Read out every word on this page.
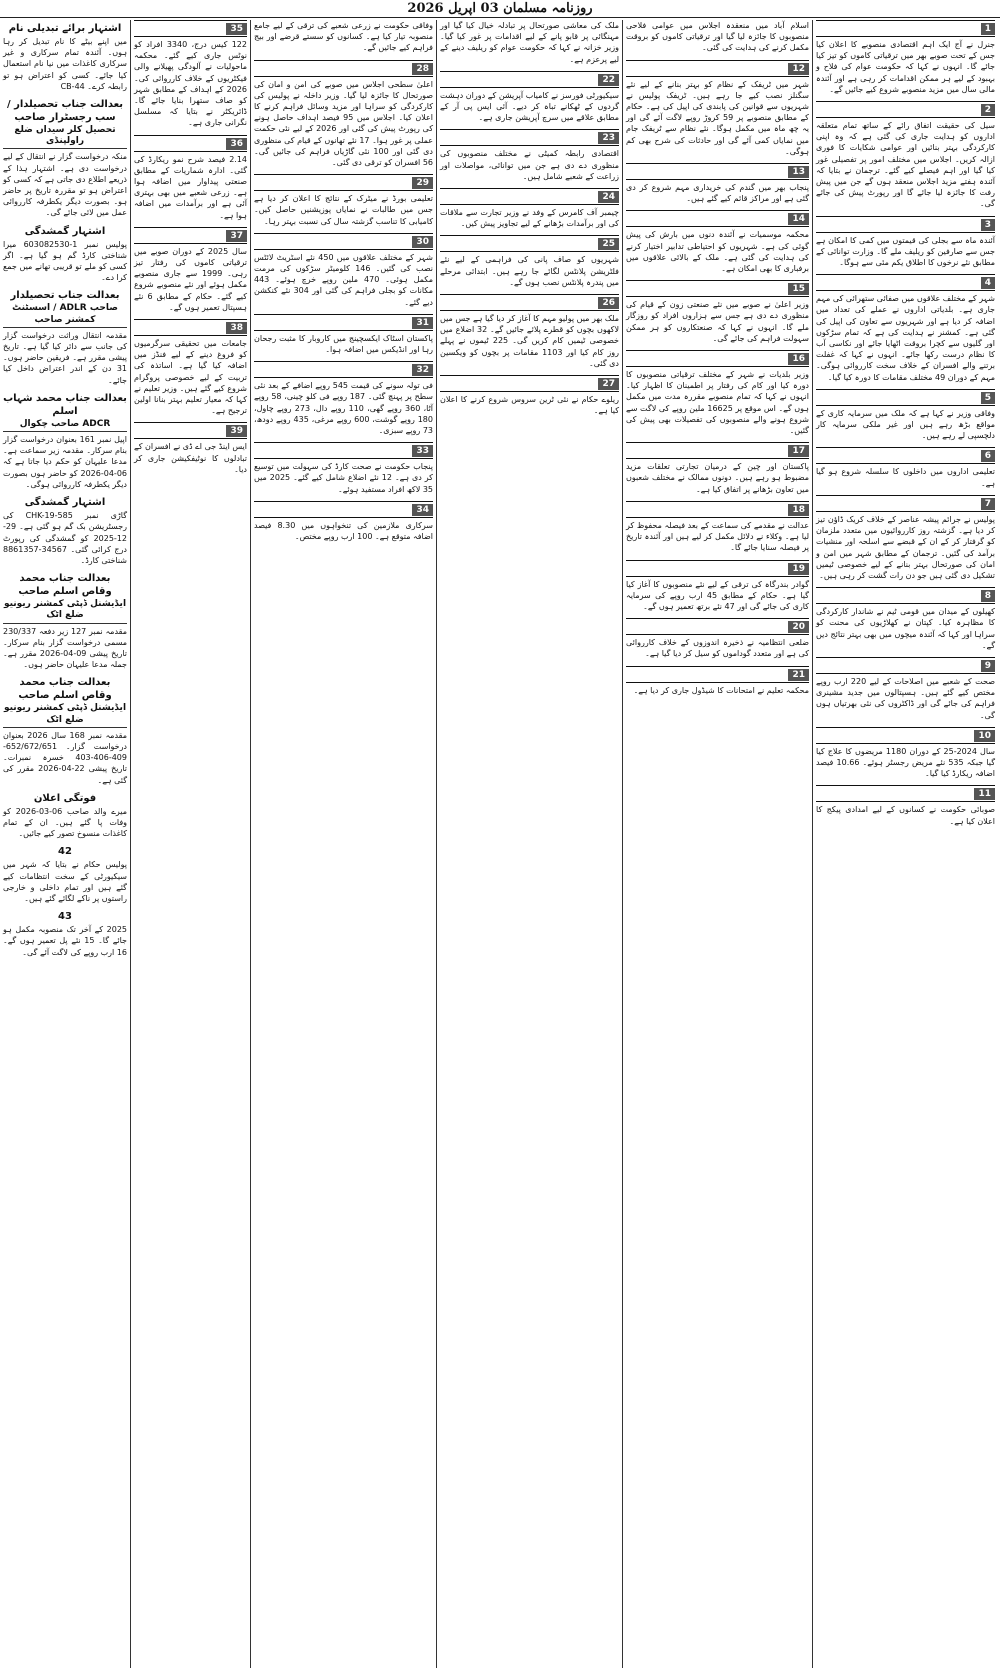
روزنامہ مسلمان 03 اپریل 2026
1
جنرل نے آج ایک اہم اقتصادی منصوبے کا اعلان کیا جس کے تحت صوبے بھر میں ترقیاتی کاموں کو تیز کیا جائے گا۔ انہوں نے کہا کہ حکومت عوام کی فلاح و بہبود کے لیے ہر ممکن اقدامات کر رہی ہے اور آئندہ مالی سال میں مزید منصوبے شروع کیے جائیں گے۔
2
سیل کی حقیقت اتفاق رائے کے ساتھ تمام متعلقہ اداروں کو ہدایت جاری کی گئی ہے کہ وہ اپنی کارکردگی بہتر بنائیں اور عوامی شکایات کا فوری ازالہ کریں۔ اجلاس میں مختلف امور پر تفصیلی غور کیا گیا اور اہم فیصلے کیے گئے۔ ترجمان نے بتایا کہ آئندہ ہفتے مزید اجلاس منعقد ہوں گے جن میں پیش رفت کا جائزہ لیا جائے گا اور رپورٹ پیش کی جائے گی۔
3
آئندہ ماہ سے بجلی کی قیمتوں میں کمی کا امکان ہے جس سے صارفین کو ریلیف ملے گا۔ وزارت توانائی کے مطابق نئے نرخوں کا اطلاق یکم مئی سے ہوگا۔
4
شہر کے مختلف علاقوں میں صفائی ستھرائی کی مہم جاری ہے۔ بلدیاتی اداروں نے عملے کی تعداد میں اضافہ کر دیا ہے اور شہریوں سے تعاون کی اپیل کی گئی ہے۔ کمشنر نے ہدایت کی ہے کہ تمام سڑکوں اور گلیوں سے کچرا بروقت اٹھایا جائے اور نکاسی آب کا نظام درست رکھا جائے۔ انہوں نے کہا کہ غفلت برتنے والے افسران کے خلاف سخت کارروائی ہوگی۔ مہم کے دوران 49 مختلف مقامات کا دورہ کیا گیا۔
5
وفاقی وزیر نے کہا ہے کہ ملک میں سرمایہ کاری کے مواقع بڑھ رہے ہیں اور غیر ملکی سرمایہ کار دلچسپی لے رہے ہیں۔
6
تعلیمی اداروں میں داخلوں کا سلسلہ شروع ہو گیا ہے۔
7
پولیس نے جرائم پیشہ عناصر کے خلاف کریک ڈاؤن تیز کر دیا ہے۔ گزشتہ روز کارروائیوں میں متعدد ملزمان کو گرفتار کر کے ان کے قبضے سے اسلحہ اور منشیات برآمد کی گئیں۔ ترجمان کے مطابق شہر میں امن و امان کی صورتحال بہتر بنانے کے لیے خصوصی ٹیمیں تشکیل دی گئی ہیں جو دن رات گشت کر رہی ہیں۔
8
کھیلوں کے میدان میں قومی ٹیم نے شاندار کارکردگی کا مظاہرہ کیا۔ کپتان نے کھلاڑیوں کی محنت کو سراہا اور کہا کہ آئندہ میچوں میں بھی بہتر نتائج دیں گے۔
9
صحت کے شعبے میں اصلاحات کے لیے 220 ارب روپے مختص کیے گئے ہیں۔ ہسپتالوں میں جدید مشینری فراہم کی جائے گی اور ڈاکٹروں کی نئی بھرتیاں ہوں گی۔
10
سال 2024-25 کے دوران 1180 مریضوں کا علاج کیا گیا جبکہ 535 نئے مریض رجسٹر ہوئے۔ 10.66 فیصد اضافہ ریکارڈ کیا گیا۔
11
صوبائی حکومت نے کسانوں کے لیے امدادی پیکج کا اعلان کیا ہے۔
اسلام آباد میں منعقدہ اجلاس میں عوامی فلاحی منصوبوں کا جائزہ لیا گیا اور ترقیاتی کاموں کو بروقت مکمل کرنے کی ہدایت کی گئی۔
12
شہر میں ٹریفک کے نظام کو بہتر بنانے کے لیے نئے سگنلز نصب کیے جا رہے ہیں۔ ٹریفک پولیس نے شہریوں سے قوانین کی پابندی کی اپیل کی ہے۔ حکام کے مطابق منصوبے پر 59 کروڑ روپے لاگت آئے گی اور یہ چھ ماہ میں مکمل ہوگا۔ نئے نظام سے ٹریفک جام میں نمایاں کمی آئے گی اور حادثات کی شرح بھی کم ہوگی۔
13
پنجاب بھر میں گندم کی خریداری مہم شروع کر دی گئی ہے اور مراکز قائم کیے گئے ہیں۔
14
محکمہ موسمیات نے آئندہ دنوں میں بارش کی پیش گوئی کی ہے۔ شہریوں کو احتیاطی تدابیر اختیار کرنے کی ہدایت کی گئی ہے۔ ملک کے بالائی علاقوں میں برفباری کا بھی امکان ہے۔
15
وزیر اعلیٰ نے صوبے میں نئے صنعتی زون کے قیام کی منظوری دے دی ہے جس سے ہزاروں افراد کو روزگار ملے گا۔ انہوں نے کہا کہ صنعتکاروں کو ہر ممکن سہولت فراہم کی جائے گی۔
16
وزیر بلدیات نے شہر کے مختلف ترقیاتی منصوبوں کا دورہ کیا اور کام کی رفتار پر اطمینان کا اظہار کیا۔ انہوں نے کہا کہ تمام منصوبے مقررہ مدت میں مکمل ہوں گے۔ اس موقع پر 16625 ملین روپے کی لاگت سے شروع ہونے والے منصوبوں کی تفصیلات بھی پیش کی گئیں۔
17
پاکستان اور چین کے درمیان تجارتی تعلقات مزید مضبوط ہو رہے ہیں۔ دونوں ممالک نے مختلف شعبوں میں تعاون بڑھانے پر اتفاق کیا ہے۔
18
عدالت نے مقدمے کی سماعت کے بعد فیصلہ محفوظ کر لیا ہے۔ وکلاء نے دلائل مکمل کر لیے ہیں اور آئندہ تاریخ پر فیصلہ سنایا جائے گا۔
19
گوادر بندرگاہ کی ترقی کے لیے نئے منصوبوں کا آغاز کیا گیا ہے۔ حکام کے مطابق 45 ارب روپے کی سرمایہ کاری کی جائے گی اور 47 نئے برتھ تعمیر ہوں گے۔
20
ضلعی انتظامیہ نے ذخیرہ اندوزوں کے خلاف کارروائی کی ہے اور متعدد گوداموں کو سیل کر دیا گیا ہے۔
21
محکمہ تعلیم نے امتحانات کا شیڈول جاری کر دیا ہے۔
ملک کی معاشی صورتحال پر تبادلہ خیال کیا گیا اور مہنگائی پر قابو پانے کے لیے اقدامات پر غور کیا گیا۔ وزیر خزانہ نے کہا کہ حکومت عوام کو ریلیف دینے کے لیے پرعزم ہے۔
22
سیکیورٹی فورسز نے کامیاب آپریشن کے دوران دہشت گردوں کے ٹھکانے تباہ کر دیے۔ آئی ایس پی آر کے مطابق علاقے میں سرچ آپریشن جاری ہے۔
23
اقتصادی رابطہ کمیٹی نے مختلف منصوبوں کی منظوری دے دی ہے جن میں توانائی، مواصلات اور زراعت کے شعبے شامل ہیں۔
24
چیمبر آف کامرس کے وفد نے وزیر تجارت سے ملاقات کی اور برآمدات بڑھانے کے لیے تجاویز پیش کیں۔
25
شہریوں کو صاف پانی کی فراہمی کے لیے نئے فلٹریشن پلانٹس لگائے جا رہے ہیں۔ ابتدائی مرحلے میں پندرہ پلانٹس نصب ہوں گے۔
26
ملک بھر میں پولیو مہم کا آغاز کر دیا گیا ہے جس میں لاکھوں بچوں کو قطرے پلائے جائیں گے۔ 32 اضلاع میں خصوصی ٹیمیں کام کریں گی۔ 225 ٹیموں نے پہلے روز کام کیا اور 1103 مقامات پر بچوں کو ویکسین دی گئی۔
27
ریلوے حکام نے نئی ٹرین سروس شروع کرنے کا اعلان کیا ہے۔
وفاقی حکومت نے زرعی شعبے کی ترقی کے لیے جامع منصوبہ تیار کیا ہے۔ کسانوں کو سستے قرضے اور بیج فراہم کیے جائیں گے۔
28
اعلیٰ سطحی اجلاس میں صوبے کی امن و امان کی صورتحال کا جائزہ لیا گیا۔ وزیر داخلہ نے پولیس کی کارکردگی کو سراہا اور مزید وسائل فراہم کرنے کا اعلان کیا۔ اجلاس میں 95 فیصد اہداف حاصل ہونے کی رپورٹ پیش کی گئی اور 2026 کے لیے نئی حکمت عملی پر غور ہوا۔ 17 نئے تھانوں کے قیام کی منظوری دی گئی اور 100 نئی گاڑیاں فراہم کی جائیں گی۔ 56 افسران کو ترقی دی گئی۔
29
تعلیمی بورڈ نے میٹرک کے نتائج کا اعلان کر دیا ہے جس میں طالبات نے نمایاں پوزیشنیں حاصل کیں۔ کامیابی کا تناسب گزشتہ سال کی نسبت بہتر رہا۔
30
شہر کے مختلف علاقوں میں 450 نئے اسٹریٹ لائٹس نصب کی گئیں۔ 146 کلومیٹر سڑکوں کی مرمت مکمل ہوئی۔ 470 ملین روپے خرچ ہوئے۔ 443 مکانات کو بجلی فراہم کی گئی اور 304 نئے کنکشن دیے گئے۔
31
پاکستان اسٹاک ایکسچینج میں کاروبار کا مثبت رجحان رہا اور انڈیکس میں اضافہ ہوا۔
32
فی تولہ سونے کی قیمت 545 روپے اضافے کے بعد نئی سطح پر پہنچ گئی۔ 187 روپے فی کلو چینی، 58 روپے آٹا، 360 روپے گھی، 110 روپے دال، 273 روپے چاول، 180 روپے گوشت، 600 روپے مرغی، 435 روپے دودھ، 73 روپے سبزی۔
33
پنجاب حکومت نے صحت کارڈ کی سہولت میں توسیع کر دی ہے۔ 12 نئے اضلاع شامل کیے گئے۔ 2025 میں 35 لاکھ افراد مستفید ہوئے۔
34
سرکاری ملازمین کی تنخواہوں میں 8.30 فیصد اضافہ متوقع ہے۔ 100 ارب روپے مختص۔
35
122 کیس درج، 3340 افراد کو نوٹس جاری کیے گئے۔ محکمہ ماحولیات نے آلودگی پھیلانے والی فیکٹریوں کے خلاف کارروائی کی۔ 2026 کے اہداف کے مطابق شہر کو صاف ستھرا بنایا جائے گا۔ ڈائریکٹر نے بتایا کہ مسلسل نگرانی جاری ہے۔
36
2.14 فیصد شرح نمو ریکارڈ کی گئی۔ ادارہ شماریات کے مطابق صنعتی پیداوار میں اضافہ ہوا ہے۔ زرعی شعبے میں بھی بہتری آئی ہے اور برآمدات میں اضافہ ہوا ہے۔
37
سال 2025 کے دوران صوبے میں ترقیاتی کاموں کی رفتار تیز رہی۔ 1999 سے جاری منصوبے مکمل ہوئے اور نئے منصوبے شروع کیے گئے۔ حکام کے مطابق 6 نئے ہسپتال تعمیر ہوں گے۔
38
جامعات میں تحقیقی سرگرمیوں کو فروغ دینے کے لیے فنڈز میں اضافہ کیا گیا ہے۔ اساتذہ کی تربیت کے لیے خصوصی پروگرام شروع کیے گئے ہیں۔ وزیر تعلیم نے کہا کہ معیار تعلیم بہتر بنانا اولین ترجیح ہے۔
39
ایس اینڈ جی اے ڈی نے افسران کے تبادلوں کا نوٹیفکیشن جاری کر دیا۔
اشتہار برائے تبدیلی نام
میں اپنے بیٹے کا نام تبدیل کر رہا ہوں۔ آئندہ تمام سرکاری و غیر سرکاری کاغذات میں نیا نام استعمال کیا جائے۔ کسی کو اعتراض ہو تو رابطہ کرے۔ 44-CB
بعدالت جناب تحصیلدار / سب رجسٹرار صاحب
تحصیل کلر سیداں ضلع راولپنڈی
منکہ درخواست گزار نے انتقال کے لیے درخواست دی ہے۔ اشتہار ہذا کے ذریعے اطلاع دی جاتی ہے کہ کسی کو اعتراض ہو تو مقررہ تاریخ پر حاضر ہو۔ بصورت دیگر یکطرفہ کارروائی عمل میں لائی جائے گی۔
اشتہار گمشدگی
پولیس نمبر 1-603082530 میرا شناختی کارڈ گم ہو گیا ہے۔ اگر کسی کو ملے تو قریبی تھانے میں جمع کرا دے۔
بعدالت جناب تحصیلدار
صاحب ADLR / اسسٹنٹ کمشنر صاحب
مقدمہ انتقال وراثت درخواست گزار کی جانب سے دائر کیا گیا ہے۔ تاریخ پیشی مقرر ہے۔ فریقین حاضر ہوں۔ 31 دن کے اندر اعتراض داخل کیا جائے۔
بعدالت جناب محمد شہاب اسلم
ADCR صاحب چکوال
اپیل نمبر 161 بعنوان درخواست گزار بنام سرکار۔ مقدمہ زیر سماعت ہے۔ مدعا علیہان کو حکم دیا جاتا ہے کہ 06-04-2026 کو حاضر ہوں بصورت دیگر یکطرفہ کارروائی ہوگی۔
اشتہار گمشدگی
گاڑی نمبر CHK-19-585 کی رجسٹریشن بک گم ہو گئی ہے۔ 29-12-2025 کو گمشدگی کی رپورٹ درج کرائی گئی۔ 34567-8861357 شناختی کارڈ۔
بعدالت جناب محمد وقاص اسلم صاحب
ایڈیشنل ڈپٹی کمشنر ریونیو ضلع اٹک
مقدمہ نمبر 127 زیر دفعہ 230/337 مسمی درخواست گزار بنام سرکار۔ تاریخ پیشی 09-04-2026 مقرر ہے۔ جملہ مدعا علیہان حاضر ہوں۔
بعدالت جناب محمد وقاص اسلم صاحب
ایڈیشنل ڈپٹی کمشنر ریونیو ضلع اٹک
مقدمہ نمبر 168 سال 2026 بعنوان درخواست گزار۔ 652/672/651-409-406-403 خسرہ نمبرات۔ تاریخ پیشی 22-04-2026 مقرر کی گئی ہے۔
فوتگی اعلان
میرے والد صاحب 06-03-2026 کو وفات پا گئے ہیں۔ ان کے تمام کاغذات منسوخ تصور کیے جائیں۔
42
پولیس حکام نے بتایا کہ شہر میں سیکیورٹی کے سخت انتظامات کیے گئے ہیں اور تمام داخلی و خارجی راستوں پر ناکے لگائے گئے ہیں۔
43
2025 کے آخر تک منصوبہ مکمل ہو جائے گا۔ 15 نئے پل تعمیر ہوں گے۔ 16 ارب روپے کی لاگت آئے گی۔
